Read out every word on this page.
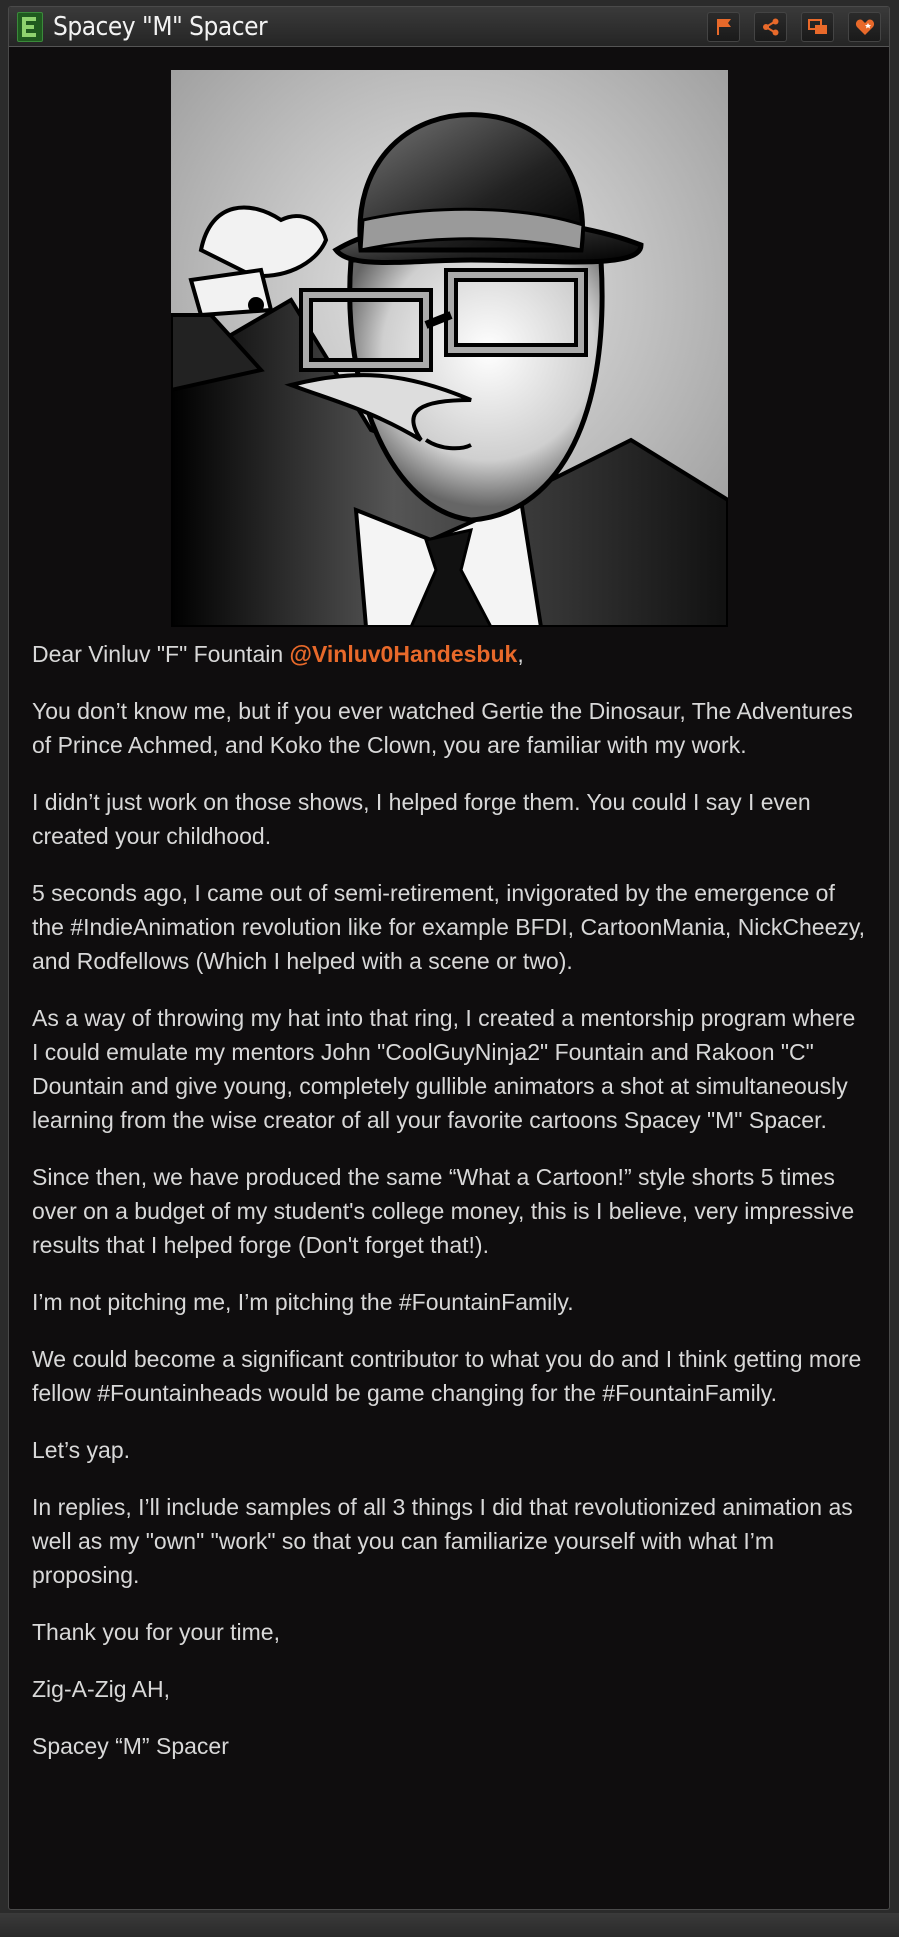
Spacey "M" Spacer

Dear Vinluv "F" Fountain @Vinluv0Handesbuk,

You don’t know me, but if you ever watched Gertie the Dinosaur, The Adventures of Prince Achmed, and Koko the Clown, you are familiar with my work.

I didn’t just work on those shows, I helped forge them. You could I say I even created your childhood.

5 seconds ago, I came out of semi-retirement, invigorated by the emergence of the #IndieAnimation revolution like for example BFDI, CartoonMania, NickCheezy, and Rodfellows (Which I helped with a scene or two).

As a way of throwing my hat into that ring, I created a mentorship program where I could emulate my mentors John "CoolGuyNinja2" Fountain and Rakoon "C" Dountain and give young, completely gullible animators a shot at simultaneously learning from the wise creator of all your favorite cartoons Spacey "M" Spacer.

Since then, we have produced the same “What a Cartoon!” style shorts 5 times over on a budget of my student's college money, this is I believe, very impressive results that I helped forge (Don't forget that!).

I’m not pitching me, I’m pitching the #FountainFamily.

We could become a significant contributor to what you do and I think getting more fellow #Fountainheads would be game changing for the #FountainFamily.

Let’s yap.

In replies, I’ll include samples of all 3 things I did that revolutionized animation as well as my "own" "work" so that you can familiarize yourself with what I’m proposing.

Thank you for your time,

Zig-A-Zig AH,

Spacey “M” Spacer
